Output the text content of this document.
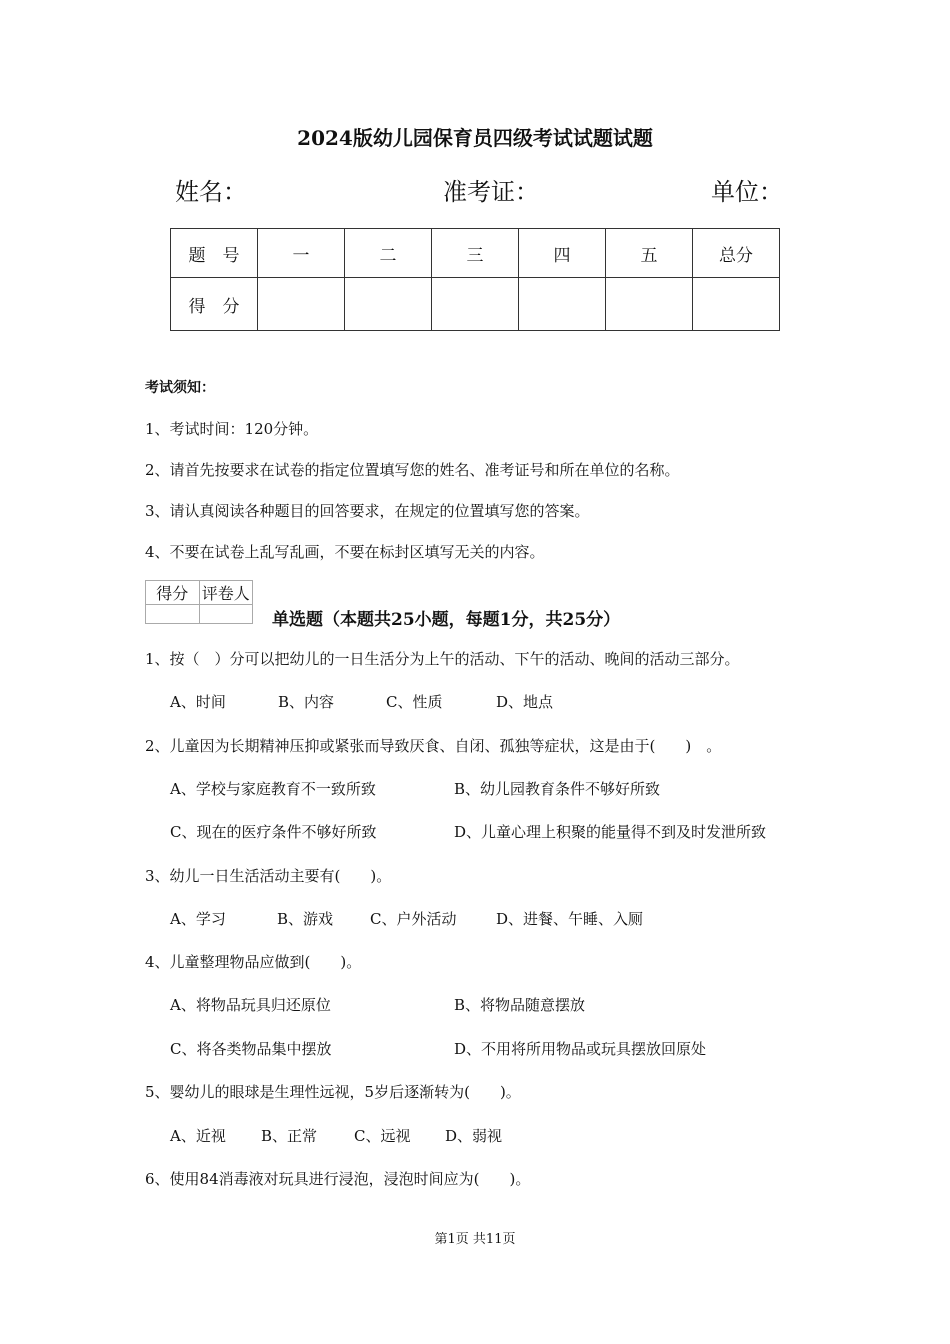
2024版幼儿园保育员四级考试试题试题
姓名：	准考证：	单位：
题　号	一	二	三	四	五	总分
得　分						
考试须知：
1、考试时间：120分钟。
2、请首先按要求在试卷的指定位置填写您的姓名、准考证号和所在单位的名称。
3、请认真阅读各种题目的回答要求，在规定的位置填写您的答案。
4、不要在试卷上乱写乱画，不要在标封区填写无关的内容。
得分	评卷人

单选题（本题共25小题，每题1分，共25分）
1、按（　）分可以把幼儿的一日生活分为上午的活动、下午的活动、晚间的活动三部分。
A、时间	B、内容	C、性质	D、地点
2、儿童因为长期精神压抑或紧张而导致厌食、自闭、孤独等症状，这是由于(　　)　。
A、学校与家庭教育不一致所致	B、幼儿园教育条件不够好所致
C、现在的医疗条件不够好所致	D、儿童心理上积聚的能量得不到及时发泄所致
3、幼儿一日生活活动主要有(　　)。
A、学习	B、游戏 C、户外活动	D、进餐、午睡、入厕
4、儿童整理物品应做到(　　)。
A、将物品玩具归还原位	B、将物品随意摆放
C、将各类物品集中摆放	D、不用将所用物品或玩具摆放回原处
5、婴幼儿的眼球是生理性远视，5岁后逐渐转为(　　)。
A、近视 B、正常 C、远视 D、弱视
6、使用84消毒液对玩具进行浸泡，浸泡时间应为(　　)。
第1页 共11页
